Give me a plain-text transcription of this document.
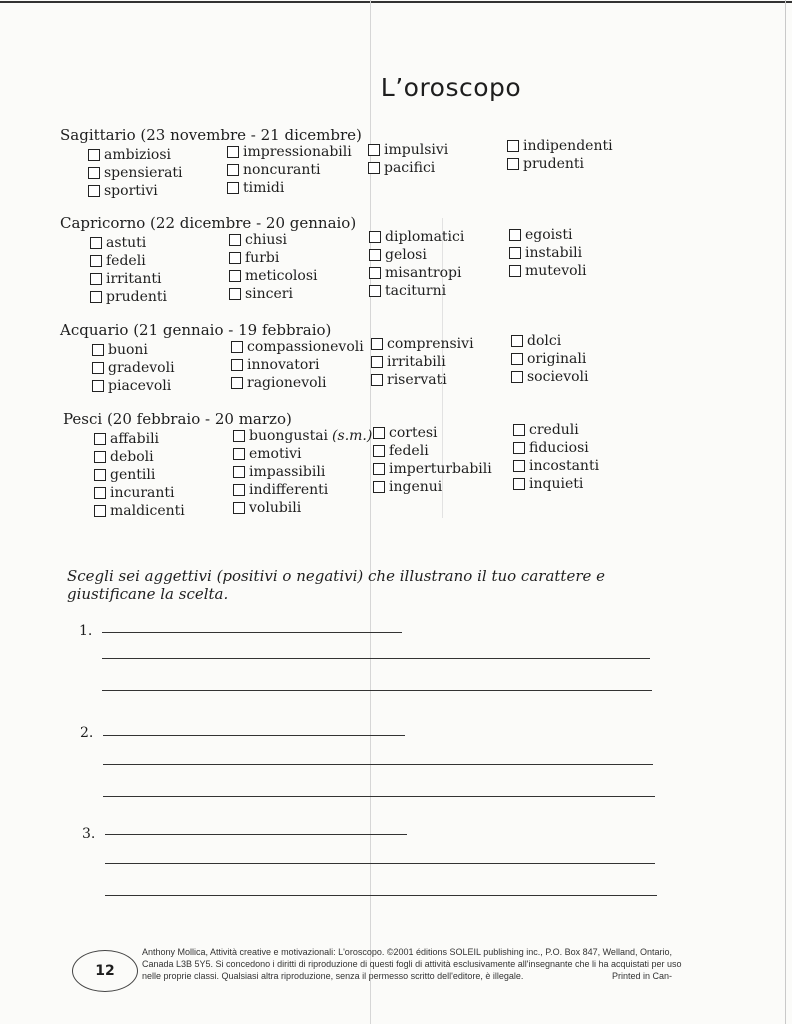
L’oroscopo
Sagittario (23 novembre - 21 dicembre)
ambiziosi
spensierati
sportivi
impressionabili
noncuranti
timidi
impulsivi
pacifici
indipendenti
prudenti
Capricorno (22 dicembre - 20 gennaio)
astuti
fedeli
irritanti
prudenti
chiusi
furbi
meticolosi
sinceri
diplomatici
gelosi
misantropi
taciturni
egoisti
instabili
mutevoli
Acquario (21 gennaio - 19 febbraio)
buoni
gradevoli
piacevoli
compassionevoli
innovatori
ragionevoli
comprensivi
irritabili
riservati
dolci
originali
socievoli
Pesci (20 febbraio - 20 marzo)
affabili
deboli
gentili
incuranti
maldicenti
buongustai (s.m.)
emotivi
impassibili
indifferenti
volubili
cortesi
fedeli
imperturbabili
ingenui
creduli
fiduciosi
incostanti
inquieti
Scegli sei aggettivi (positivi o negativi) che illustrano il tuo carattere e giustificane la scelta.
1.
2.
3.
12
Anthony Mollica, Attività creative e motivazionali: L'oroscopo. ©2001 éditions SOLEIL publishing inc., P.O. Box 847, Welland, Ontario,
Canada L3B 5Y5. Si concedono i diritti di riproduzione di questi fogli di attività esclusivamente all'insegnante che li ha acquistati per uso
nelle proprie classi. Qualsiasi altra riproduzione, senza il permesso scritto dell'editore, è illegale.	Printed in Can-
